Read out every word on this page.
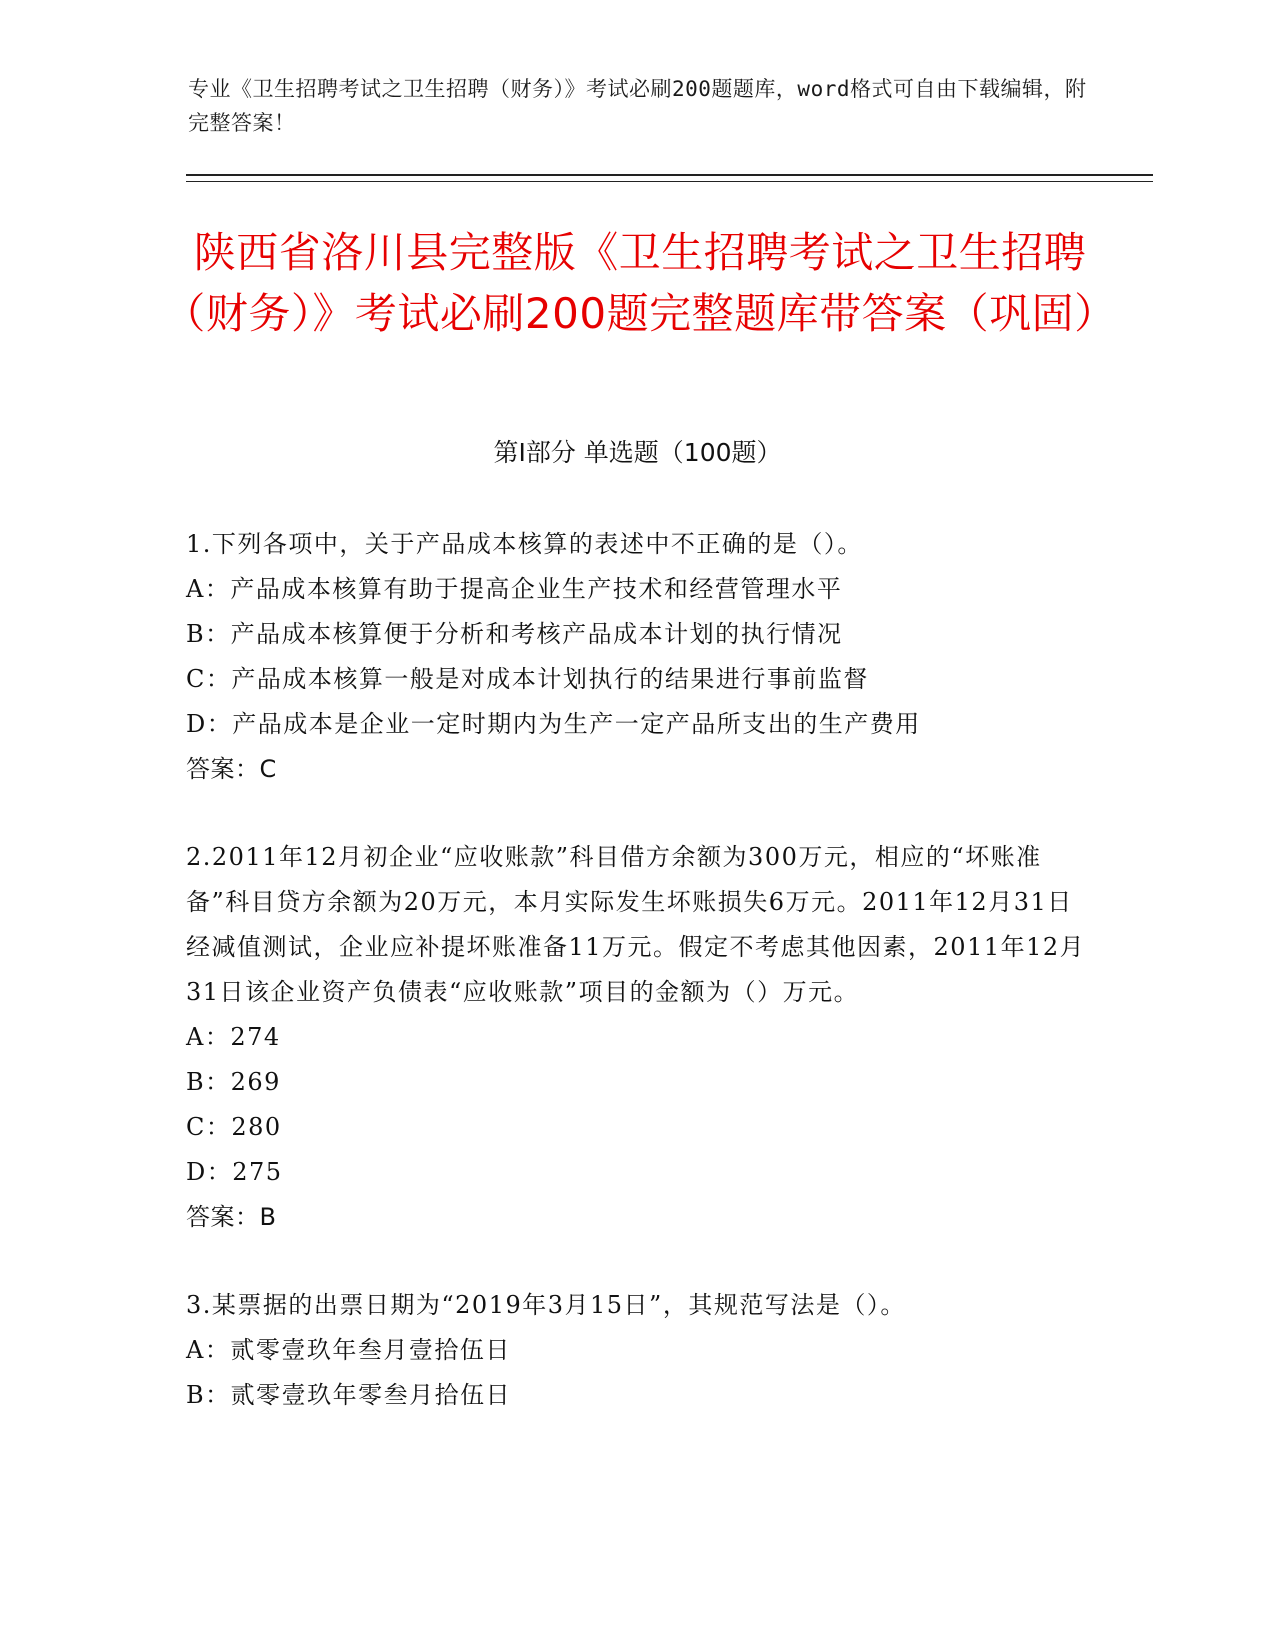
专业《卫生招聘考试之卫生招聘（财务）》考试必刷200题题库，word格式可自由下载编辑，附完整答案！
陕西省洛川县完整版《卫生招聘考试之卫生招聘（财务）》考试必刷200题完整题库带答案（巩固）
第I部分 单选题（100题）

1.下列各项中，关于产品成本核算的表述中不正确的是（）。

A：产品成本核算有助于提高企业生产技术和经营管理水平

B：产品成本核算便于分析和考核产品成本计划的执行情况

C：产品成本核算一般是对成本计划执行的结果进行事前监督

D：产品成本是企业一定时期内为生产一定产品所支出的生产费用

答案：C

2.2011年12月初企业“应收账款”科目借方余额为300万元，相应的“坏账准备”科目贷方余额为20万元，本月实际发生坏账损失6万元。2011年12月31日经减值测试，企业应补提坏账准备11万元。假定不考虑其他因素，2011年12月31日该企业资产负债表“应收账款”项目的金额为（）万元。

A：274

B：269

C：280

D：275

答案：B

3.某票据的出票日期为“2019年3月15日”，其规范写法是（）。

A：贰零壹玖年叁月壹拾伍日

B：贰零壹玖年零叁月拾伍日
